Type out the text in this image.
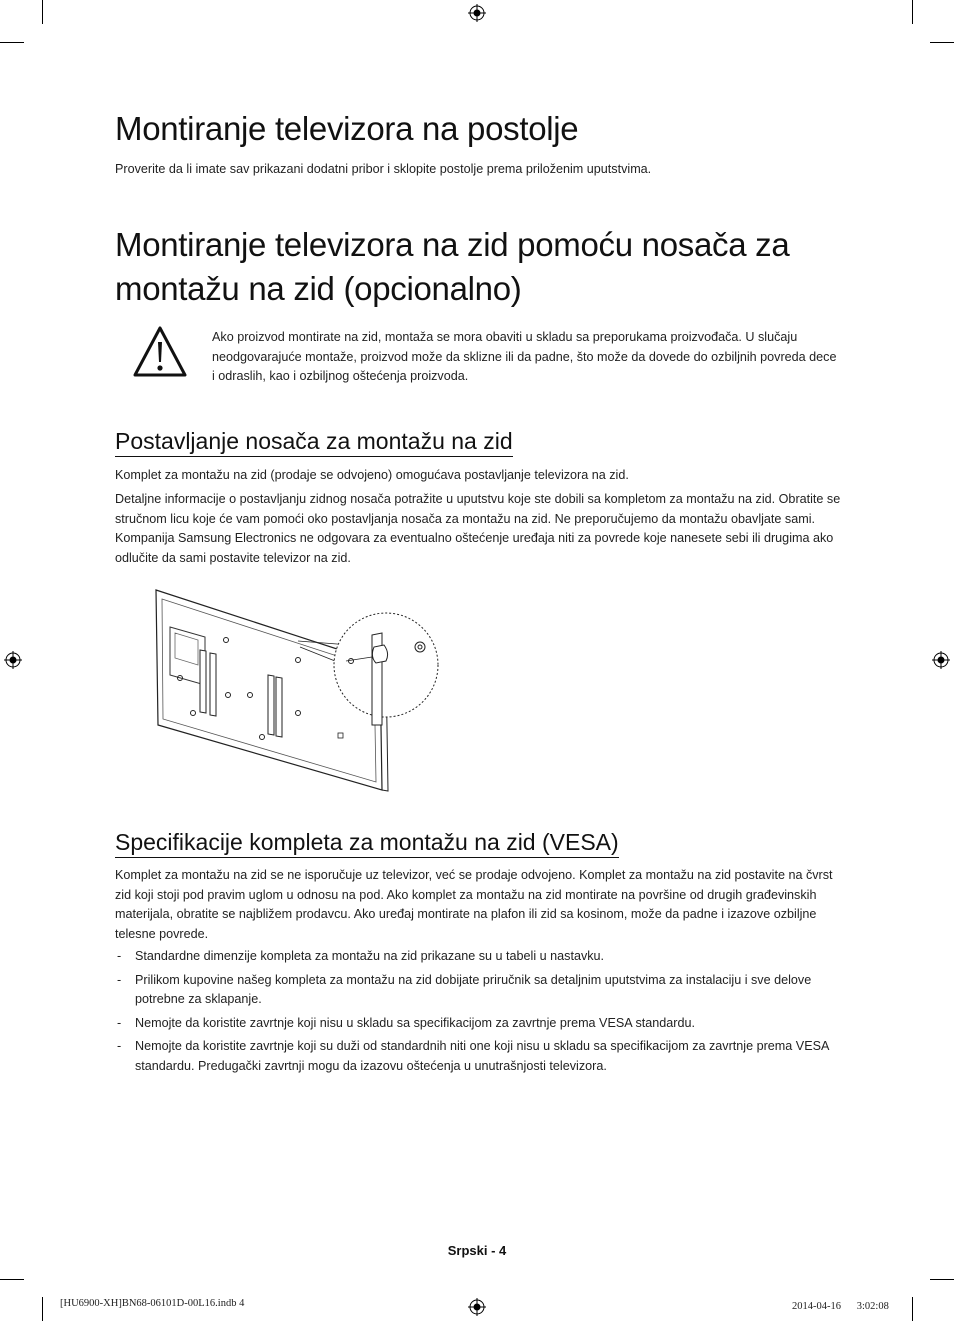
Montiranje televizora na postolje

Proverite da li imate sav prikazani dodatni pribor i sklopite postolje prema priloženim uputstvima.

Montiranje televizora na zid pomoću nosača za
montažu na zid (opcionalno)

Ako proizvod montirate na zid, montaža se mora obaviti u skladu sa preporukama proizvođača. U slučaju neodgovarajuće montaže, proizvod može da sklizne ili da padne, što može da dovede do ozbiljnih povreda dece i odraslih, kao i ozbiljnog oštećenja proizvoda.

Postavljanje nosača za montažu na zid

Komplet za montažu na zid (prodaje se odvojeno) omogućava postavljanje televizora na zid.

Detaljne informacije o postavljanju zidnog nosača potražite u uputstvu koje ste dobili sa kompletom za montažu na zid. Obratite se stručnom licu koje će vam pomoći oko postavljanja nosača za montažu na zid. Ne preporučujemo da montažu obavljate sami. Kompanija Samsung Electronics ne odgovara za eventualno oštećenje uređaja niti za povrede koje nanesete sebi ili drugima ako odlučite da sami postavite televizor na zid.

Specifikacije kompleta za montažu na zid (VESA)

Komplet za montažu na zid se ne isporučuje uz televizor, već se prodaje odvojeno. Komplet za montažu na zid postavite na čvrst zid koji stoji pod pravim uglom u odnosu na pod. Ako komplet za montažu na zid montirate na površine od drugih građevinskih materijala, obratite se najbližem prodavcu. Ako uređaj montirate na plafon ili zid sa kosinom, može da padne i izazove ozbiljne telesne povrede.

- Standardne dimenzije kompleta za montažu na zid prikazane su u tabeli u nastavku.
- Prilikom kupovine našeg kompleta za montažu na zid dobijate priručnik sa detaljnim uputstvima za instalaciju i sve delove potrebne za sklapanje.
- Nemojte da koristite zavrtnje koji nisu u skladu sa specifikacijom za zavrtnje prema VESA standardu.
- Nemojte da koristite zavrtnje koji su duži od standardnih niti one koji nisu u skladu sa specifikacijom za zavrtnje prema VESA standardu. Predugački zavrtnji mogu da izazovu oštećenja u unutrašnjosti televizora.
Srpski - 4
[HU6900-XH]BN68-06101D-00L16.indb 4	2014-04-16 　 3:02:08
